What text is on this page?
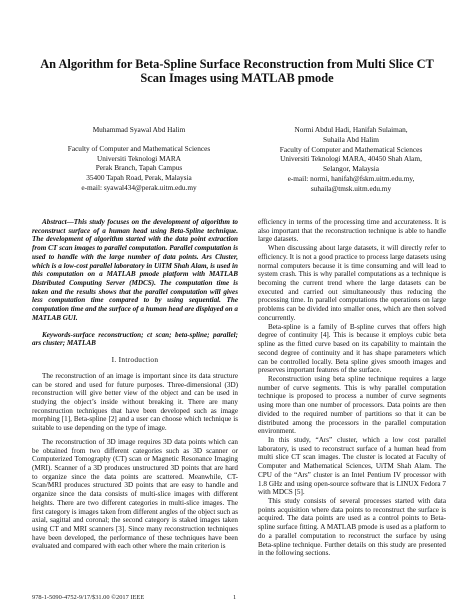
An Algorithm for Beta-Spline Surface Reconstruction from Multi Slice CT Scan Images using MATLAB pmode
Muhammad Syawal Abd Halim
Faculty of Computer and Mathematical Sciences
Universiti Teknologi MARA
Perak Branch, Tapah Campus
35400 Tapah Road, Perak, Malaysia
e-mail: syawal434@perak.uitm.edu.my
Normi Abdul Hadi, Hanifah Sulaiman,
Suhaila Abd Halim
Faculty of Computer and Mathematical Sciences
Universiti Teknologi MARA, 40450 Shah Alam,
Selangor, Malaysia
e-mail: normi, hanifah@fskm.uitm.edu.my,
suhaila@tmsk.uitm.edu.my

Abstract—This study focuses on the development of algorithm to reconstruct surface of a human head using Beta-Spline technique. The development of algorithm started with the data point extraction from CT scan images to parallel computation. Parallel computation is used to handle with the large number of data points. Ars Cluster, which is a low-cost parallel laboratory in UiTM Shah Alam, is used in this computation on a MATLAB pmode platform with MATLAB Distributed Computing Server (MDCS). The computation time is taken and the results shows that the parallel computation will gives less computation time compared to by using sequential. The computation time and the surface of a human head are displayed on a MATLAB GUI.

Keywords-surface reconstruction; ct scan; beta-spline; parallel; ars cluster; MATLAB

I. Introduction

The reconstruction of an image is important since its data structure can be stored and used for future purposes. Three-dimensional (3D) reconstruction will give better view of the object and can be used in studying the object’s inside without breaking it. There are many reconstruction techniques that have been developed such as image morphing [1], Beta-spline [2] and a user can choose which technique is suitable to use depending on the type of image.

The reconstruction of 3D image requires 3D data points which can be obtained from two different categories such as 3D scanner or Computerized Tomography (CT) scan or Magnetic Resonance Imaging (MRI). Scanner of a 3D produces unstructured 3D points that are hard to organize since the data points are scattered. Meanwhile, CT-Scan/MRI produces structured 3D points that are easy to handle and organize since the data consists of multi-slice images with different heights. There are two different categories in multi-slice images. The first category is images taken from different angles of the object such as axial, sagittal and coronal; the second category is staked images taken using CT and MRI scanners [3]. Since many reconstruction techniques have been developed, the performance of these techniques have been evaluated and compared with each other where the main criterion is

efficiency in terms of the processing time and accurateness. It is also important that the reconstruction technique is able to handle large datasets.

When discussing about large datasets, it will directly refer to efficiency. It is not a good practice to process large datasets using normal computers because it is time consuming and will lead to system crash. This is why parallel computations as a technique is becoming the current trend where the large datasets can be executed and carried out simultaneously thus reducing the processing time. In parallel computations the operations on large problems can be divided into smaller ones, which are then solved concurrently.

Beta-spline is a family of B-spline curves that offers high degree of continuity [4]. This is because it employs cubic beta spline as the fitted curve based on its capability to maintain the second degree of continuity and it has shape parameters which can be controlled locally. Beta spline gives smooth images and preserves important features of the surface.

Reconstruction using beta spline technique requires a large number of curve segments. This is why parallel computation technique is proposed to process a number of curve segments using more than one number of processors. Data points are then divided to the required number of partitions so that it can be distributed among the processors in the parallel computation environment.

In this study, “Ars” cluster, which a low cost parallel laboratory, is used to reconstruct surface of a human head from multi slice CT scan images. The cluster is located at Faculty of Computer and Mathematical Sciences, UiTM Shah Alam. The CPU of the “Ars” cluster is an Intel Pentium IV processor with 1.8 GHz and using open-source software that is LINUX Fedora 7 with MDCS [5].

This study consists of several processes started with data points acquisition where data points to reconstruct the surface is acquired. The data points are used as a control points to Beta-spline surface fitting. A MATLAB pmode is used as a platform to do a parallel computation to reconstruct the surface by using Beta-spline technique. Further details on this study are presented in the following sections.

978-1-5090-4752-9/17/$31.00 ©2017 IEEE	1
